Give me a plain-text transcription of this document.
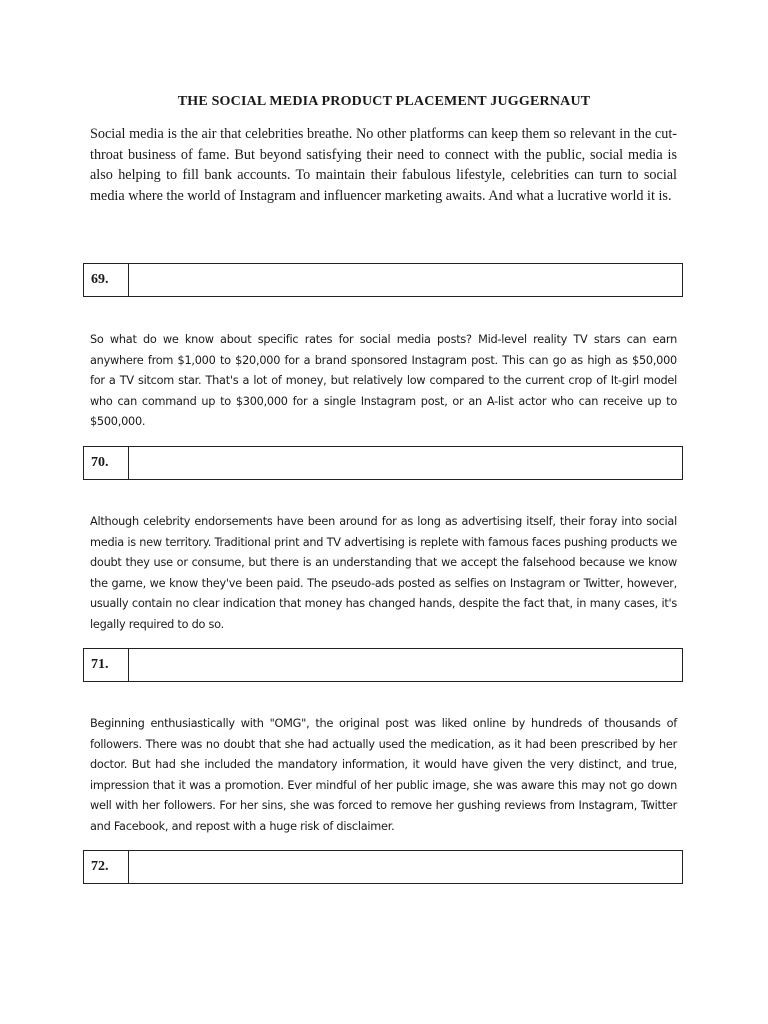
THE SOCIAL MEDIA PRODUCT PLACEMENT JUGGERNAUT

Social media is the air that celebrities breathe. No other platforms can keep them so relevant in the cut-throat business of fame. But beyond satisfying their need to connect with the public, social media is also helping to fill bank accounts. To maintain their fabulous lifestyle, celebrities can turn to social media where the world of Instagram and influencer marketing awaits. And what a lucrative world it is.

69.

So what do we know about specific rates for social media posts? Mid-level reality TV stars can earn anywhere from $1,000 to $20,000 for a brand sponsored Instagram post. This can go as high as $50,000 for a TV sitcom star. That's a lot of money, but relatively low compared to the current crop of It-girl model who can command up to $300,000 for a single Instagram post, or an A-list actor who can receive up to $500,000.

70.

Although celebrity endorsements have been around for as long as advertising itself, their foray into social media is new territory. Traditional print and TV advertising is replete with famous faces pushing products we doubt they use or consume, but there is an understanding that we accept the falsehood because we know the game, we know they've been paid. The pseudo-ads posted as selfies on Instagram or Twitter, however, usually contain no clear indication that money has changed hands, despite the fact that, in many cases, it's legally required to do so.

71.

Beginning enthusiastically with "OMG", the original post was liked online by hundreds of thousands of followers. There was no doubt that she had actually used the medication, as it had been prescribed by her doctor. But had she included the mandatory information, it would have given the very distinct, and true, impression that it was a promotion. Ever mindful of her public image, she was aware this may not go down well with her followers. For her sins, she was forced to remove her gushing reviews from Instagram, Twitter and Facebook, and repost with a huge risk of disclaimer.

72.
